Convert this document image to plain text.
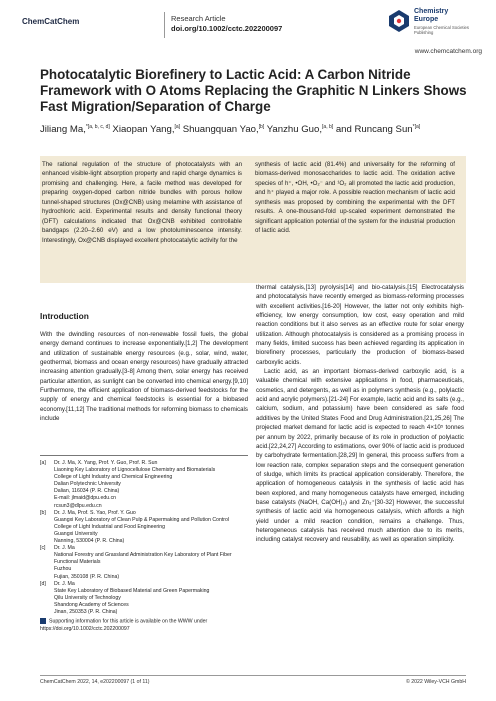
ChemCatChem	Research Article
doi.org/10.1002/cctc.202200097
Chemistry
Europe
European Chemical Societies Publishing
www.chemcatchem.org
Photocatalytic Biorefinery to Lactic Acid: A Carbon Nitride Framework with O Atoms Replacing the Graphitic N Linkers Shows Fast Migration/Separation of Charge
Jiliang Ma,$^{*[a, b, c, d]}$ Xiaopan Yang,[a] Shuangquan Yao,[b] Yanzhu Guo,[a, b] and Runcang Sun$^{*[a]}$
The rational regulation of the structure of photocatalysts with an enhanced visible-light absorption property and rapid charge dynamics is promising and challenging. Here, a facile method was developed for preparing oxygen-doped carbon nitride bundles with porous hollow tunnel-shaped structures (Ox@CNB) using melamine with assistance of hydrochloric acid. Experimental results and density functional theory (DFT) calculations indicated that Ox@CNB exhibited controllable bandgaps (2.20–2.60 eV) and a low photoluminescence intensity. Interestingly, Ox@CNB displayed excellent photocatalytic activity for the
synthesis of lactic acid (81.4%) and universality for the reforming of biomass-derived monosaccharides to lactic acid. The oxidation active species of h⁺, •OH, •O₂⁻ and ¹O₂ all promoted the lactic acid production, and h⁺ played a major role. A possible reaction mechanism of lactic acid synthesis was proposed by combining the experimental with the DFT results. A one-thousand-fold up-scaled experiment demonstrated the significant application potential of the system for the industrial production of lactic acid.
Introduction

With the dwindling resources of non-renewable fossil fuels, the global energy demand continues to increase exponentially.[1,2] The development and utilization of sustainable energy resources (e.g., solar, wind, water, geothermal, biomass and ocean energy resources) have gradually attracted increasing attention gradually.[3-8] Among them, solar energy has received particular attention, as sunlight can be converted into chemical energy.[9,10] Furthermore, the efficient application of biomass-derived feedstocks for the supply of energy and chemical feedstocks is essential for a biobased economy.[11,12] The traditional methods for reforming biomass to chemicals include

thermal catalysis,[13] pyrolysis[14] and bio-catalysis.[15] Electrocatalysis and photocatalysis have recently emerged as biomass-reforming processes with excellent activities.[16-20] However, the latter not only exhibits high-efficiency, low energy consumption, low cost, easy operation and mild reaction conditions but it also serves as an effective route for solar energy utilization. Although photocatalysis is considered as a promising process in many fields, limited success has been achieved regarding its application in biorefinery processes, particularly the production of biomass-based carboxylic acids.

Lactic acid, as an important biomass-derived carboxylic acid, is a valuable chemical with extensive applications in food, pharmaceuticals, cosmetics, and detergents, as well as in polymers synthesis (e.g., polylactic acid and acrylic polymers).[21-24] For example, lactic acid and its salts (e.g., calcium, sodium, and potassium) have been considered as safe food additives by the United States Food and Drug Administration.[21,25,26] The projected market demand for lactic acid is expected to reach 4×10⁵ tonnes per annum by 2022, primarily because of its role in production of polylactic acid.[22,24,27] According to estimations, over 90% of lactic acid is produced by carbohydrate fermentation.[28,29] In general, this process suffers from a low reaction rate, complex separation steps and the consequent generation of sludge, which limits its practical application considerably. Therefore, the application of homogeneous catalysis in the synthesis of lactic acid has been explored, and many homogeneous catalysts have emerged, including base catalysts (NaOH, Ca(OH)₂) and Zn₂⁺[30-32] However, the successful synthesis of lactic acid via homogeneous catalysis, which affords a high yield under a mild reaction condition, remains a challenge. Thus, heterogeneous catalysis has received much attention due to its merits, including catalyst recovery and reusability, as well as operation simplicity.

[a]	Dr. J. Ma, X. Yang, Prof. Y. Guo, Prof. R. Sun
Liaoning Key Laboratory of Lignocellulose Chemistry and Biomaterials
College of Light Industry and Chemical Engineering
Dalian Polytechnic University
Dalian, 116034 (P. R. China)
E-mail: jlmaid@dpu.edu.cn
rcsun3@dlpu.edu.cn
[b]	Dr. J. Ma, Prof. S. Yao, Prof. Y. Guo
Guangxi Key Laboratory of Clean Pulp & Papermaking and Pollution Control
College of Light Industrial and Food Engineering
Guangxi University
Nanning, 530004 (P. R. China)
[c]	Dr. J. Ma
National Forestry and Grassland Administration Key Laboratory of Plant Fiber Functional Materials
Fuzhou
Fujian, 350108 (P. R. China)
[d]	Dr. J. Ma
State Key Laboratory of Biobased Material and Green Papermaking
Qilu University of Technology
Shandong Academy of Sciences
Jinan, 250353 (P. R. China)
Supporting information for this article is available on the WWW under https://doi.org/10.1002/cctc.202200097
ChemCatChem 2022, 14, e202200097 (1 of 11)	© 2022 Wiley-VCH GmbH
